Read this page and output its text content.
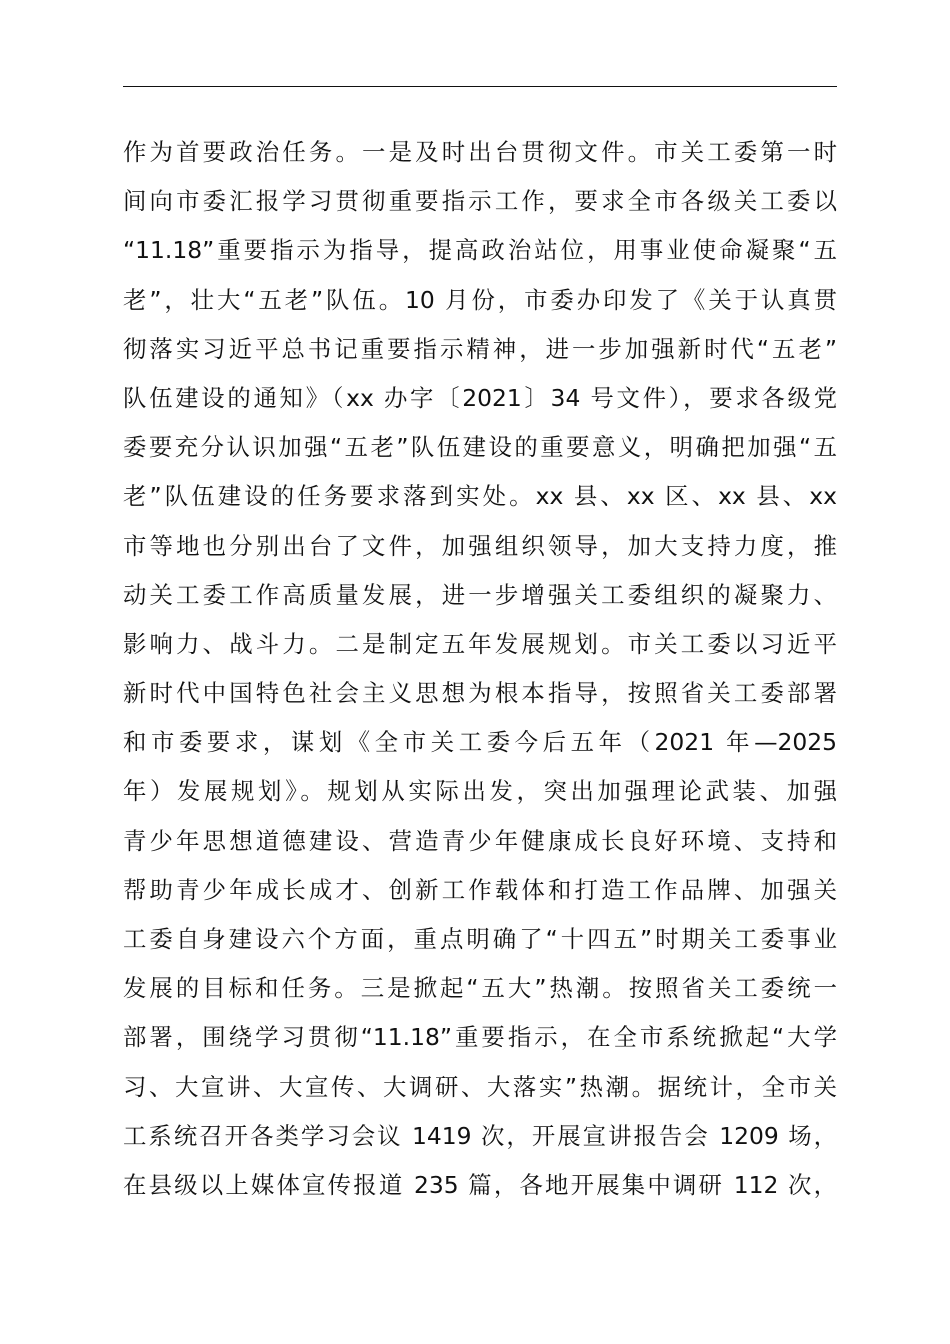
作为首要政治任务。一是及时出台贯彻文件。市关工委第一时
间向市委汇报学习贯彻重要指示工作，要求全市各级关工委以
“11.18”重要指示为指导，提高政治站位，用事业使命凝聚“五
老”，壮大“五老”队伍。10 月份，市委办印发了《关于认真贯
彻落实习近平总书记重要指示精神，进一步加强新时代“五老”
队伍建设的通知》（xx 办字〔2021〕34 号文件），要求各级党
委要充分认识加强“五老”队伍建设的重要意义，明确把加强“五
老”队伍建设的任务要求落到实处。xx 县、xx 区、xx 县、xx
市等地也分别出台了文件，加强组织领导，加大支持力度，推
动关工委工作高质量发展，进一步增强关工委组织的凝聚力、
影响力、战斗力。二是制定五年发展规划。市关工委以习近平
新时代中国特色社会主义思想为根本指导，按照省关工委部署
和市委要求，谋划《全市关工委今后五年（2021 年—2025
年）发展规划》。规划从实际出发，突出加强理论武装、加强
青少年思想道德建设、营造青少年健康成长良好环境、支持和
帮助青少年成长成才、创新工作载体和打造工作品牌、加强关
工委自身建设六个方面，重点明确了“十四五”时期关工委事业
发展的目标和任务。三是掀起“五大”热潮。按照省关工委统一
部署，围绕学习贯彻“11.18”重要指示，在全市系统掀起“大学
习、大宣讲、大宣传、大调研、大落实”热潮。据统计，全市关
工系统召开各类学习会议 1419 次，开展宣讲报告会 1209 场，
在县级以上媒体宣传报道 235 篇，各地开展集中调研 112 次，
